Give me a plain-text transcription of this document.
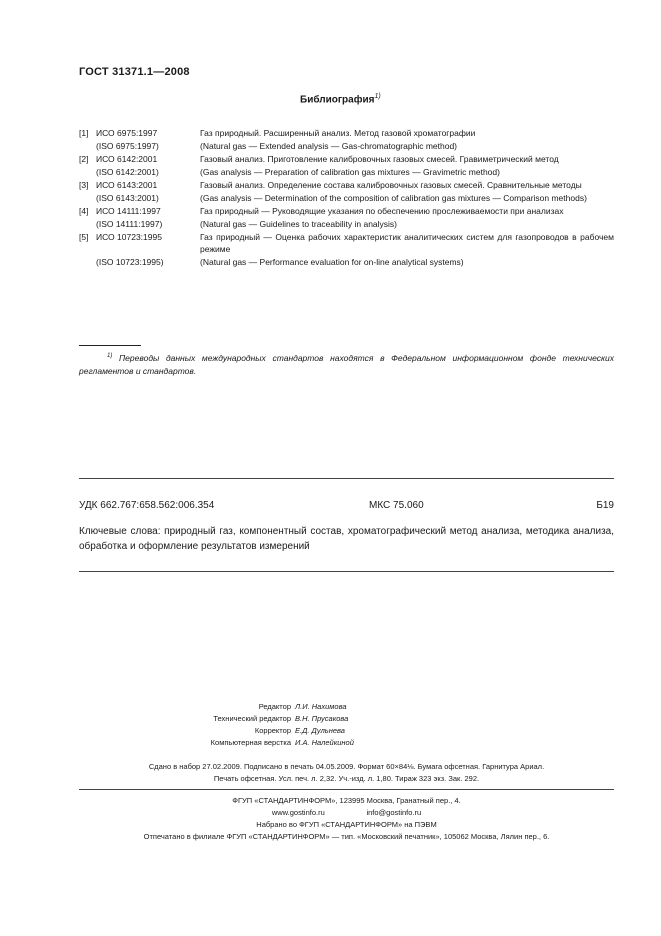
ГОСТ 31371.1—2008
Библиография$^{1)}$
[1] ИСО 6975:1997	Газ природный. Расширенный анализ. Метод газовой хроматографии
(ISO 6975:1997)	(Natural gas — Extended analysis — Gas-chromatographic method)
[2] ИСО 6142:2001	Газовый анализ. Приготовление калибровочных газовых смесей. Гравиметрический метод
(ISO 6142:2001)	(Gas analysis — Preparation of calibration gas mixtures — Gravimetric method)
[3] ИСО 6143:2001	Газовый анализ. Определение состава калибровочных газовых смесей. Сравнительные методы
(ISO 6143:2001)	(Gas analysis — Determination of the composition of calibration gas mixtures — Comparison methods)
[4] ИСО 14111:1997	Газ природный — Руководящие указания по обеспечению прослеживаемости при анализах
(ISO 14111:1997)	(Natural gas — Guidelines to traceability in analysis)
[5] ИСО 10723:1995	Газ природный — Оценка рабочих характеристик аналитических систем для газопроводов в рабочем режиме
(ISO 10723:1995)	(Natural gas — Performance evaluation for on-line analytical systems)
$^{1)}$ Переводы данных международных стандартов находятся в Федеральном информационном фонде технических регламентов и стандартов.
УДК 662.767:658.562:006.354	МКС 75.060	Б19
Ключевые слова: природный газ, компонентный состав, хроматографический метод анализа, методика анализа, обработка и оформление результатов измерений
Редактор Л.И. Нахимова
Технический редактор В.Н. Прусакова
Корректор Е.Д. Дульнева
Компьютерная верстка И.А. Налейкиной
Сдано в набор 27.02.2009. Подписано в печать 04.05.2009. Формат 60×84⅛. Бумага офсетная. Гарнитура Ариал.
Печать офсетная. Усл. печ. л. 2,32. Уч.-изд. л. 1,80. Тираж 323 экз. Зак. 292.
ФГУП «СТАНДАРТИНФОРМ», 123995 Москва, Гранатный пер., 4.
www.gostinfo.ru                    info@gostinfo.ru
Набрано во ФГУП «СТАНДАРТИНФОРМ» на ПЭВМ
Отпечатано в филиале ФГУП «СТАНДАРТИНФОРМ» — тип. «Московский печатник», 105062 Москва, Лялин пер., 6.
